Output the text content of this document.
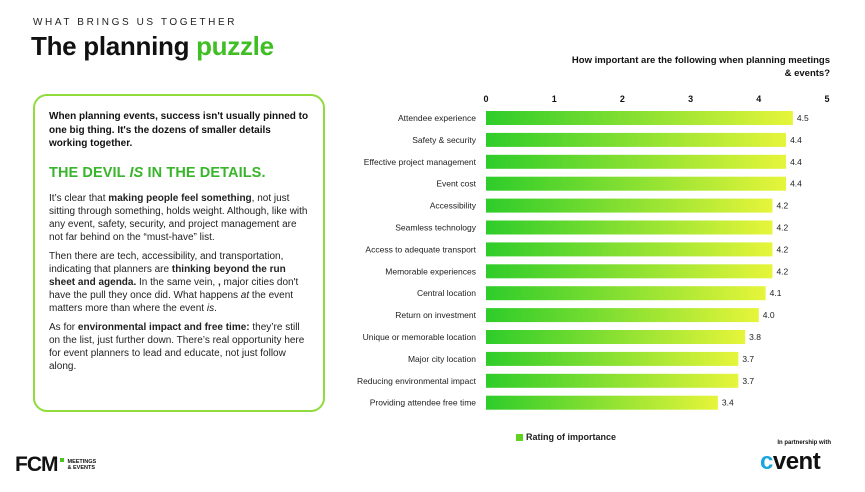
WHAT BRINGS US TOGETHER
The planning puzzle
When planning events, success isn't usually pinned to one big thing. It's the dozens of smaller details working together.
THE DEVIL IS IN THE DETAILS.

It’s clear that making people feel something, not just sitting through something, holds weight. Although, like with any event, safety, security, and project management are not far behind on the “must-have” list.

Then there are tech, accessibility, and transportation, indicating that planners are thinking beyond the run sheet and agenda. In the same vein, , major cities don't have the pull they once did. What happens at the event matters more than where the event is.

As for environmental impact and free time: they’re still on the list, just further down. There’s real opportunity here for event planners to lead and educate, not just follow along.

How important are the following when planning meetings & events?
0	1	2	3	4	5
Attendee experience	4.5
Safety & security	4.4
Effective project management	4.4
Event cost	4.4
Accessibility	4.2
Seamless technology	4.2
Access to adequate transport	4.2
Memorable experiences	4.2
Central location	4.1
Return on investment	4.0
Unique or memorable location	3.8
Major city location	3.7
Reducing environmental impact	3.7
Providing attendee free time	3.4
Rating of importance
FCM MEETINGS
& EVENTS
In partnership with
cvent
